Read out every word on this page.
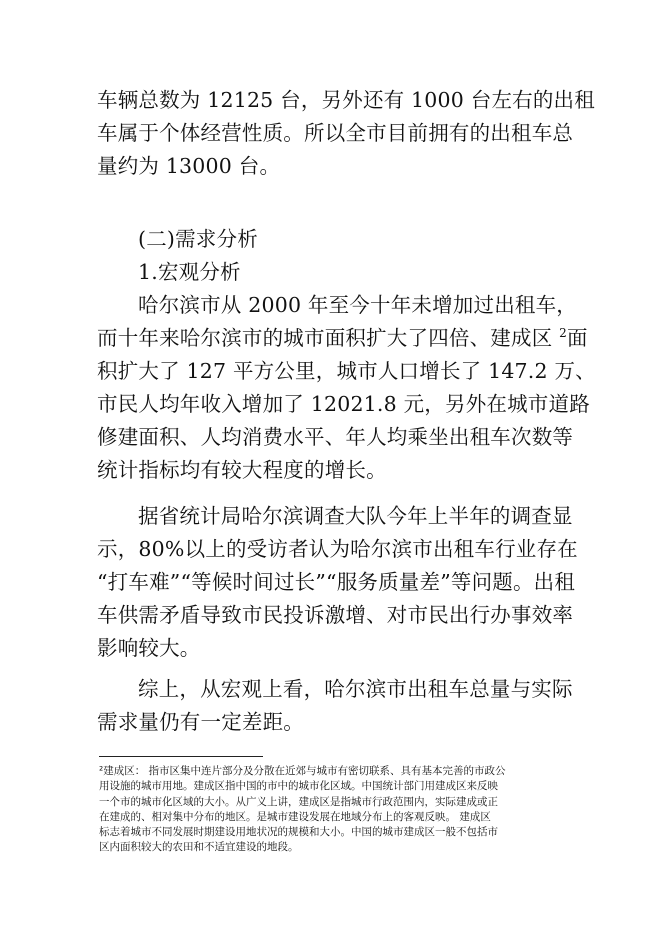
车辆总数为 12125 台，另外还有 1000 台左右的出租
车属于个体经营性质。所以全市目前拥有的出租车总
量约为 13000 台。
(二)需求分析
1.宏观分析
哈尔滨市从 2000 年至今十年未增加过出租车，
而十年来哈尔滨市的城市面积扩大了四倍、建成区 $^2$面
积扩大了 127 平方公里，城市人口增长了 147.2 万、
市民人均年收入增加了 12021.8 元，另外在城市道路
修建面积、人均消费水平、年人均乘坐出租车次数等
统计指标均有较大程度的增长。
据省统计局哈尔滨调查大队今年上半年的调查显
示，80%以上的受访者认为哈尔滨市出租车行业存在
“打车难”“等候时间过长”“服务质量差”等问题。出租
车供需矛盾导致市民投诉激增、对市民出行办事效率
影响较大。
综上，从宏观上看，哈尔滨市出租车总量与实际
需求量仍有一定差距。

²建成区： 指市区集中连片部分及分散在近郊与城市有密切联系、具有基本完善的市政公

用设施的城市用地。建成区指中国的市中的城市化区域。中国统计部门用建成区来反映

一个市的城市化区域的大小。从广义上讲，建成区是指城市行政范围内，实际建成或正

在建成的、相对集中分布的地区。是城市建设发展在地域分布上的客观反映。 建成区

标志着城市不同发展时期建设用地状况的规模和大小。中国的城市建成区一般不包括市

区内面积较大的农田和不适宜建设的地段。
